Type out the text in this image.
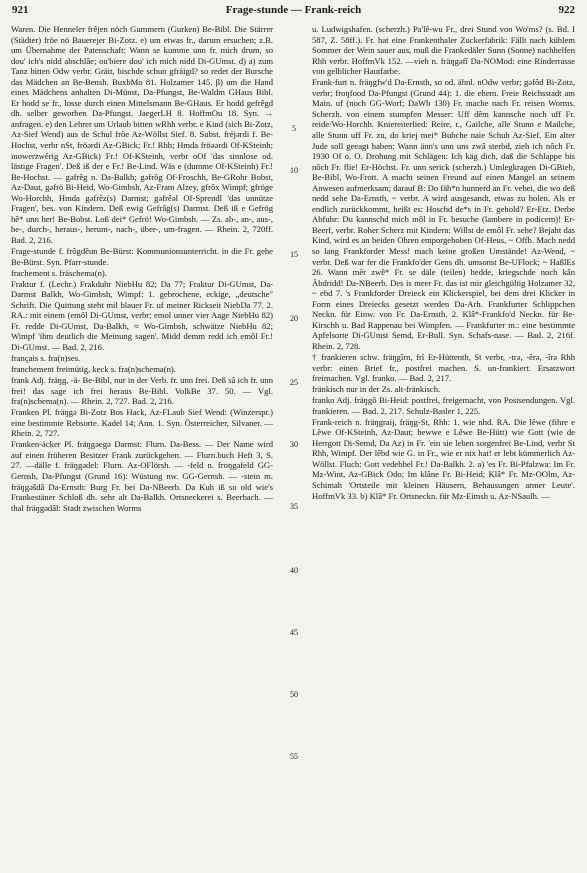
921	Frage-stunde — Frank-reich	922

Waren. Die Henneler frêjen nöch Gummern (Gurken) Be-Bibl. Die Stärrer (Städter) fröe nö Bauerejer Bi-Zotz. e) um etwas fr., darum ersuchen; z.B. um Übernahme der Patenschaft: Wann se kumme unn fr. mich drum, so dou' ich's nidd abschlâe; ou'biere dou' ich mich nidd Di-GUmst. d) a) zum Tanz bitten Odw verbr. Gräit, bischde schun gfräigd? so redet der Bursche das Mädchen an Be-Bensh. BuxbMo 81. Holzamer 145. β) um die Hand eines Mädchens anhalten Di-Münst, Da-Pfungst, Be-Waldm GHaus Bibl. Er hodd se fr., losse durch einen Mittelsmann Be-GHaus. Er hodd gefrêgd dh. selber geworben Da-Pfungst. JaegerLH 8. HoffmOu 18. Syn. → anfragen. e) den Lehrer um Urlaub bitten wRhh verbr. e Kind (sich Bi-Zotz, Az-Sief Wend) aus de Schul frôe Az-Wöllst Sief. 8. Subst. fréjərdi f. Be-Hochst, verbr nSt, fröərdi Az-GBick; Fr.! Rhh; Hmda fröəərdi Of-KSteinh; inowerzwêrig Az-GBick) Fr.! Of-KSteinh, verbr oOf 'das sinnlose od. lästige Fragen'. Deß iß der e Fr.! Be-Lind. Wäs e (dumme Of-KSteinh) Fr.! Be-Hochst. — gəfrêg n. Da-Balkh; gəfrôg Of-Froschh, Be-GRohr Bobst, Az-Daut, gəfrö Bi-Heid, Wo-Gimbsh, Az-Fram Alzey, gfrôx Wimpf; gfröge Wo-Horchh, Hmda gəfrêz(s) Darmst; gəfrêəl Of-Sprendl 'das unnütze Fragen', bes. von Kindern. Deß ewig Gefrâg(s) Darmst. Deß iß e Gefrög hê* unn her! Be-Bobst. Loß dei* Gefrö! Wo-Gimbsh. — Zs. ab-, an-, aus-, be-, durch-, heraus-, herum-, nach-, über-, um-fragen. — Rhein. 2, 720ff. Bad. 2, 216.

Frage-stunde f. frôgdêun Be-Bürst: Kommunionsunterricht. in die Fr. gehe Be-Bürst. Syn. Pfarr-stunde.

frachement s. fräschema(n).

Fraktur f. (Lechr.) Frakduhr NiebHu 82; Da 77; Fraktur Di-GUmst, Da-Darmst Balkh, Wo-Gimbsh, Wimpf: 1. gebrochene, eckige, „deutsche" Schrift. Die Quittung steht mil blauer Fr. uf meiner Rickseit NiebDa 77. 2. RA.: mit einem (emôl Di-GUmst, verbr; emol unner vier Aage NiebHu 82) Fr. redde Di-GUmst, Da-Balkh, ≈ Wo-Gimbsh, schwätze NiebHu 82; Wimpf 'ihm deutlich die Meinung sagen'. Midd demm redd ich emôl Fr.! Di-GUmst. — Bad. 2, 216.

français s. fra(n)ses.

franchement freimütig, keck s. fra(n)schema(n).

frank Adj. fräŋg, -ä- Be-Bibl, nur in der Verb. fr. unn frei. Deß sâ ich fr. unn frei! das sage ich frei heraus Be-Bibl. VolkBe 37. 50. — Vgl. fra(n)schema(n). — Rhein. 2, 727. Bad. 2, 216.

Franken Pl. fräŋgə Bi-Zotz Bos Hack, Az-FLaub Sief Wend: (Winzerspr.) eine bestimmte Rebsorte. Kadel 14; Ann. 1. Syn. Österreicher, Silvaner. — Rhein. 2, 727.

Franken-äcker Pl. fräŋgəegə Darmst: Flurn. Da-Bess. — Der Name wird auf einen früheren Besitzer Frank zurückgehen. — Flurn.buch Heft 3, S. 27. —dälle f. fräŋgədel: Flurn. Az-OFlörsh. — -feld n. froŋgəfeld GG-Gernsh, Da-Pfungst (Grund 16): Wüstung nw. GG-Gernsh. — -stein m. fräŋgəšdâ Da-Ernsth: Burg Fr. bei Da-NBeerb. Da Kuh iß so old wie's Frankestäner Schloß dh. sehr alt Da-Balkh. Ortsneckerei s. Beerbach. —thal fräŋgədâl: Stadt zwischen Worms

5
10
15
20
25
30
35
40
45
50
55

u. Ludwigshafen. (scherzh.) Pa'lê-wu Fr., drei Stund von Wo'ms? (s. Bd. I 587, Z. 58ff.). Fr. hat eine Frankenthaler Zuckerfabrik: Fällt nach kühlem Sommer der Wein sauer aus, muß die Frankedäler Sunn (Sonne) nachhelfen Rhh verbr. HoffmVk 152. —vieh n. fräŋgəfî Da-NOMod: eine Rinderrasse von gelblicher Hautfarbe.

Frank-furt n. fräŋgfw'd Da-Ernsth, so od. ähnl. nOdw verbr; gəfôd Bi-Zotz, verbr; froŋfood Da-Pfungst (Grund 44): 1. die ehem. Freie Reichsstadt am Main. uf (noch GG-Worf; DaWb 130) Fr. mache nach Fr. reisen Worms. Scherzh. von einem stumpfen Messer: Uff dêm kannsche noch uff Fr. reide/Wo-Horchh. Kniereiterlied: Reire, r., Gailche, alle Stunn e Mailche, alle Stunn uff Fr. zu, do krieɉ mei* Bubche naie Schuh Az-Sief. Ein alter Jude soll geeagt haben: Wann änn's unn uns zwâ sterbd, zieh ich nôch Fr. 1930 Of o. O. Drohung mit Schlägen: Ich käg dich, daß die Schlappe bis nôch Fr. flie! Er-Höchst. Fr. unn serick (scherzh.) Umlegkragen Di-GBieb, Be-Bibl, Wo-Frott. A macht seinen Freund auf einen Mangel an seinem Anwesen aufmerksam; darauf B: Do fäh*n hunnerd an Fr. vebei, die wo deß nedd sehe Da-Ernsth, ~ verbr. A wird ausgesandt, etwas zu holen. Als er endlich zurückkommt, heißt es: Hoschd de*s in Fr. gehold? Er-Etz. Derbe Abfuhr: Du kannschd mich môl in Fr. besuche (lambere in podicem)! Er-Beerf, verbr. Roher Scherz mit Kindern: Willst de emôl Fr. sehe? Bejaht das Kind, wird es an beiden Ohren emporgehoben Of-Heus, ~ Offb. Mach nedd so lang Frankforder Mess! mach keine großen Umstände! Az-Wend, ~ verbr. Deß war fer die Frankfo'der Gens dh. umsonst Be-UFlock; ~ HaßlEs 26. Wann mêr zwê* Fr. se däle (teilen) hedde, kriegschde noch kân Äbdridd! Da-NBeerb. Des is meer Fr. das ist mir gleichgültig Holzamer 32, ~ ebd 7. 's Frankforder Dreieck ein Klickerspiel, bei dem drei Klicker in Form eines Dreiecks gesetzt werden Da-Arh. Frankfurter Schlippchen Neckn. für Einw. von Fr. Da-Ernsth. 2. Klâ*-Frankfo'd Neckn. für Be-Kirschh u. Bad Rappenau bei Wimpfen. — Frankfurter m.: eine bestimmte Apfelsorte Di-GUmst Semd, Er-Bull. Syn. Schafs-nase. — Bad. 2, 216f. Rhein. 2, 728.

† frankieren schw. fräŋgîrn, frî Er-Hüttenth, St verbr, -trə, -êrə, -îrə Rhh verbr: einen Brief fr., postfrei machen. S. un-frankiert. Ersatzwort freimachen. Vgl. franko. — Bad. 2, 217.

fränkisch nur in der Zs. alt-fränkisch.

franko Adj. fräŋgô Bi-Heid: postfrei, freigemacht, von Postsendungen. Vgl. frankieren. — Bad. 2, 217. Schulz-Basler 1, 225.

Frank-reich n. fräŋgraiɉ, fräŋg-St, Rhh: 1. wie nhd. RA. Die lêwe (fihre e Lêwe Of-KSteinh, Az-Daut; hewwe e Lêwe Be-Hütt) wie Gott (wie de Herrgott Di-Semd, Da Az) in Fr. 'ein sie leben sorgenfrei Be-Lind, verbr St Rhh, Wimpf. Der lêbd wie G. in Fr., wie er nix hat! er lebt kümmerlich Az-Wöllst. Fluch: Gott vedebbel Fr.! Da-Balkh. 2. a) 'es Fr. Bi-Pfalzwa: Im Fr. Mz-Wint, Az-GBick Odo; Im klâne Fr. Bi-Heid; Klâ* Fr. Mz-OOlm, Az-Schimah 'Ortsteile mit kleinen Häusern, Behausungen armer Leute'. HoffmVk 33. b) Klâ* Fr. Ortsneckn. für Mz-Eimsh u. Az-NSaulh. —
